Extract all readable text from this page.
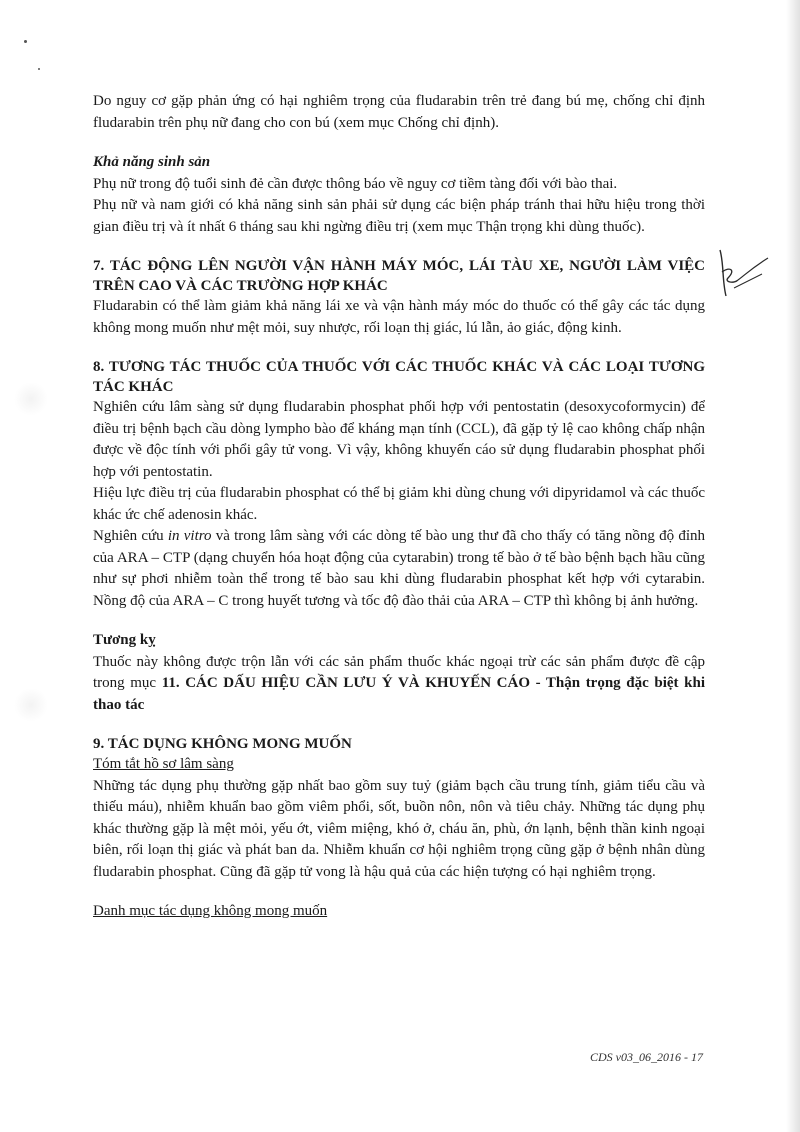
Do nguy cơ gặp phản ứng có hại nghiêm trọng của fludarabin trên trẻ đang bú mẹ, chống chỉ định fludarabin trên phụ nữ đang cho con bú (xem mục Chống chỉ định).

Khả năng sinh sản

Phụ nữ trong độ tuổi sinh đẻ cần được thông báo về nguy cơ tiềm tàng đối với bào thai.

Phụ nữ và nam giới có khả năng sinh sản phải sử dụng các biện pháp tránh thai hữu hiệu trong thời gian điều trị và ít nhất 6 tháng sau khi ngừng điều trị (xem mục Thận trọng khi dùng thuốc).

7. TÁC ĐỘNG LÊN NGƯỜI VẬN HÀNH MÁY MÓC, LÁI TÀU XE, NGƯỜI LÀM VIỆC TRÊN CAO VÀ CÁC TRƯỜNG HỢP KHÁC

Fludarabin có thể làm giảm khả năng lái xe và vận hành máy móc do thuốc có thể gây các tác dụng không mong muốn như mệt mỏi, suy nhược, rối loạn thị giác, lú lẫn, ảo giác, động kinh.

8. TƯƠNG TÁC THUỐC CỦA THUỐC VỚI CÁC THUỐC KHÁC VÀ CÁC LOẠI TƯƠNG TÁC KHÁC

Nghiên cứu lâm sàng sử dụng fludarabin phosphat phối hợp với pentostatin (desoxycoformycin) để điều trị bệnh bạch cầu dòng lympho bào để kháng mạn tính (CCL), đã gặp tỷ lệ cao không chấp nhận được về độc tính với phổi gây tử vong. Vì vậy, không khuyến cáo sử dụng fludarabin phosphat phối hợp với pentostatin.

Hiệu lực điều trị của fludarabin phosphat có thể bị giảm khi dùng chung với dipyridamol và các thuốc khác ức chế adenosin khác.

Nghiên cứu in vitro và trong lâm sàng với các dòng tế bào ung thư đã cho thấy có tăng nồng độ đỉnh của ARA – CTP (dạng chuyển hóa hoạt động của cytarabin) trong tế bào ở tế bào bệnh bạch hầu cũng như sự phơi nhiễm toàn thể trong tế bào sau khi dùng fludarabin phosphat kết hợp với cytarabin. Nồng độ của ARA – C trong huyết tương và tốc độ đào thải của ARA – CTP thì không bị ảnh hưởng.

Tương kỵ

Thuốc này không được trộn lẫn với các sản phẩm thuốc khác ngoại trừ các sản phẩm được đề cập trong mục 11. CÁC DẤU HIỆU CẦN LƯU Ý VÀ KHUYẾN CÁO - Thận trọng đặc biệt khi thao tác

9. TÁC DỤNG KHÔNG MONG MUỐN

Tóm tắt hồ sơ lâm sàng

Những tác dụng phụ thường gặp nhất bao gồm suy tuỷ (giảm bạch cầu trung tính, giảm tiểu cầu và thiếu máu), nhiễm khuẩn bao gồm viêm phổi, sốt, buồn nôn, nôn và tiêu chảy. Những tác dụng phụ khác thường gặp là mệt mỏi, yếu ớt, viêm miệng, khó ở, cháu ăn, phù, ớn lạnh, bệnh thần kinh ngoại biên, rối loạn thị giác và phát ban da. Nhiễm khuẩn cơ hội nghiêm trọng cũng gặp ở bệnh nhân dùng fludarabin phosphat. Cũng đã gặp tử vong là hậu quả của các hiện tượng có hại nghiêm trọng.

Danh mục tác dụng không mong muốn

CDS v03_06_2016 - 17
